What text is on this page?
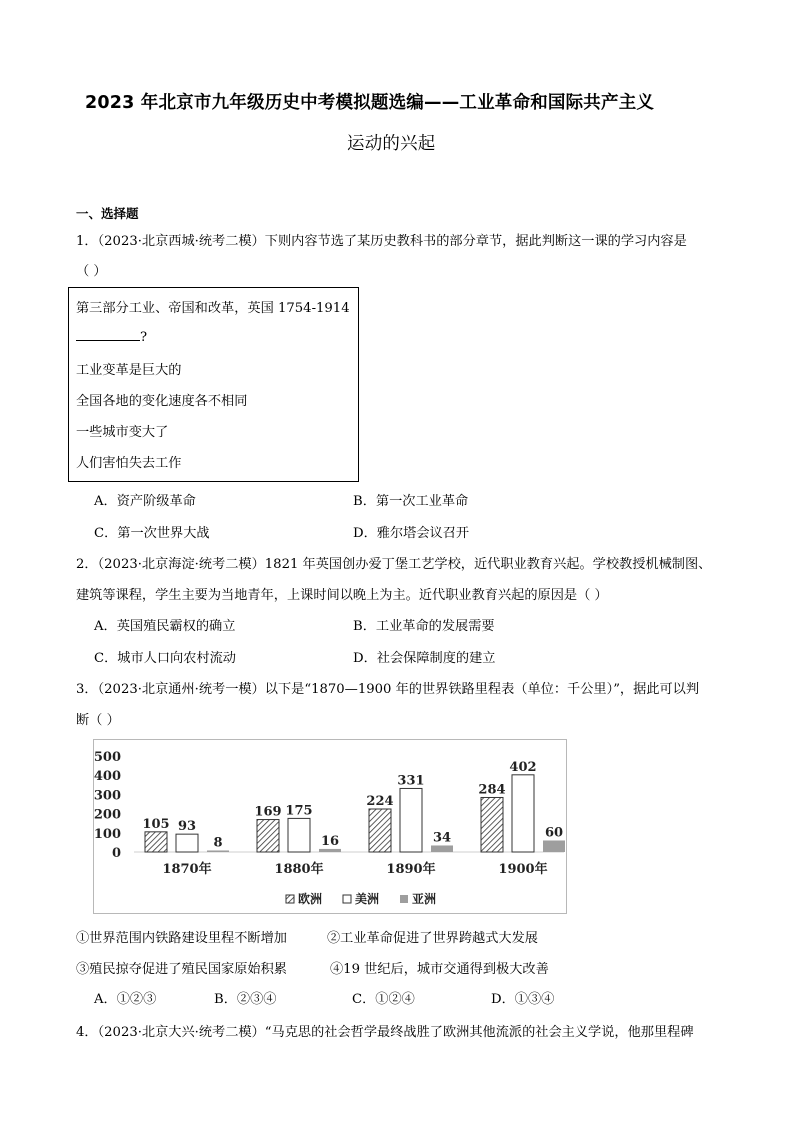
2023 年北京市九年级历史中考模拟题选编——工业革命和国际共产主义
运动的兴起
一、选择题
1．（2023·北京西城·统考二模）下则内容节选了某历史教科书的部分章节，据此判断这一课的学习内容是
（ ）
第三部分工业、帝国和改革，英国 1754-1914
?
工业变革是巨大的
全国各地的变化速度各不相同
一些城市变大了
人们害怕失去工作
A．资产阶级革命	B．第一次工业革命
C．第一次世界大战	D．雅尔塔会议召开
2．（2023·北京海淀·统考二模）1821 年英国创办爱丁堡工艺学校，近代职业教育兴起。学校教授机械制图、
建筑等课程，学生主要为当地青年，上课时间以晚上为主。近代职业教育兴起的原因是（ ）
A．英国殖民霸权的确立	B．工业革命的发展需要
C．城市人口向农村流动	D．社会保障制度的建立
3．（2023·北京通州·统考一模）以下是“1870—1900 年的世界铁路里程表（单位：千公里）”，据此可以判
断（ ）
0
100
200
300
400
500
105 93
8
1870年
169 175
16
1880年
224
331
34
1890年
284
402
60
1900年
欧洲	美洲	亚洲
①世界范围内铁路建设里程不断增加	②工业革命促进了世界跨越式大发展
③殖民掠夺促进了殖民国家原始积累	④19 世纪后，城市交通得到极大改善
A．①②③	B．②③④	C．①②④	D．①③④
4．（2023·北京大兴·统考二模）“马克思的社会哲学最终战胜了欧洲其他流派的社会主义学说，他那里程碑
